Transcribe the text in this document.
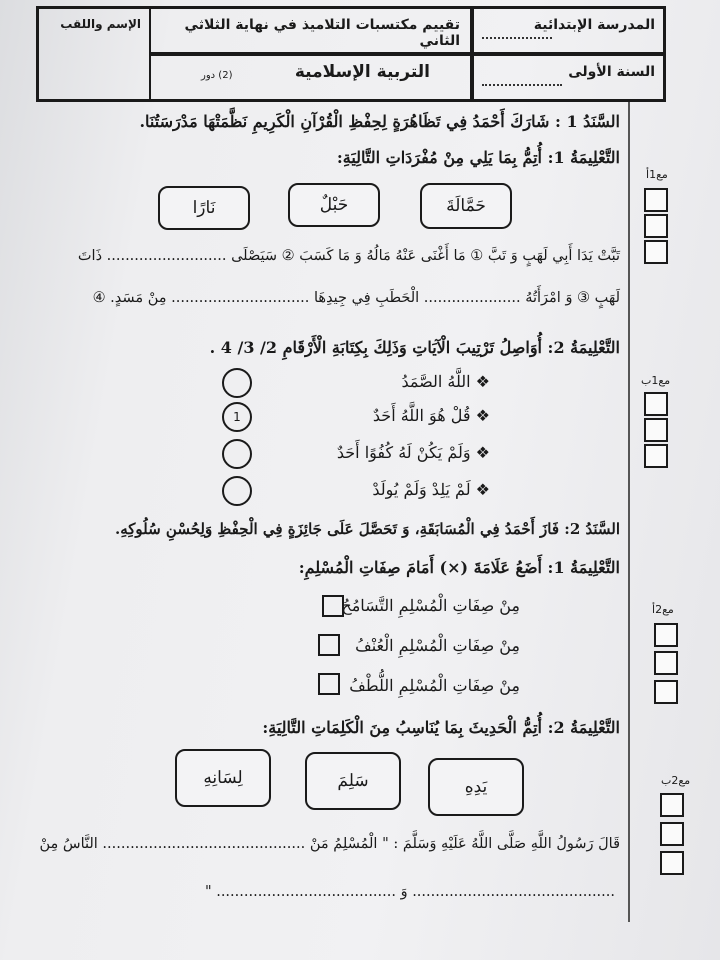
المدرسة الإبتدائية
السنة الأولى
تقييم مكتسبات التلاميذ في نهاية الثلاثي الثاني
التربية الإسلامية
(2) دور
الإسم واللقب
السَّنَدُ 1 : شَارَكَ أَحْمَدُ فِي تَظَاهُرَةٍ لِحِفْظِ الْقُرْآنِ الْكَرِيمِ نَظَّمَتْهَا مَدْرَسَتُنَا.
التَّعْلِيمَةُ 1: أُتِمُّ بِمَا يَلِي مِنْ مُفْرَدَاتِ التَّالِيَةِ:
حَمَّالَةَ
حَبْلٌ
نَارًا
تَبَّتْ يَدَا أَبِي لَهَبٍ وَ تَبَّ ① مَا أَغْنَى عَنْهُ مَالُهُ وَ مَا كَسَبَ ② سَيَصْلَى .......................... ذَاتَ
لَهَبٍ ③ وَ امْرَأَتُهُ ..................... الْحَطَبِ فِي جِيدِهَا .............................. مِنْ مَسَدٍ. ④
التَّعْلِيمَةُ 2: أُوَاصِلُ تَرْتِيبَ الْآيَاتِ وَذَلِكَ بِكِتَابَةِ الْأَرْقَامِ 2/ 3/ 4 .
❖ اللَّهُ الصَّمَدُ
❖ قُلْ هُوَ اللَّهُ أَحَدٌ
1
❖ وَلَمْ يَكُنْ لَهُ كُفُوًا أَحَدٌ
❖ لَمْ يَلِدْ وَلَمْ يُولَدْ
السَّنَدُ 2: فَازَ أَحْمَدُ فِي الْمُسَابَقَةِ، وَ تَحَصَّلَ عَلَى جَائِزَةٍ فِي الْحِفْظِ وَلِحُسْنِ سُلُوكِهِ.
التَّعْلِيمَةُ 1: أَضَعُ عَلَامَةَ (×) أَمَامَ صِفَاتِ الْمُسْلِمِ:
مِنْ صِفَاتِ الْمُسْلِمِ التَّسَامُحُ
مِنْ صِفَاتِ الْمُسْلِمِ الْعُنْفُ
مِنْ صِفَاتِ الْمُسْلِمِ اللُّطْفُ
التَّعْلِيمَةُ 2: أُتِمُّ الْحَدِيثَ بِمَا يُنَاسِبُ مِنَ الْكَلِمَاتِ التَّالِيَةِ:
يَدِهِ
سَلِمَ
لِسَانِهِ
قَالَ رَسُولُ اللَّهِ صَلَّى اللَّهُ عَلَيْهِ وَسَلَّمَ : " الْمُسْلِمُ مَنْ ............................................ النَّاسُ مِنْ
............................................ وَ ....................................... "
مع1أ
مع1ب
مع2أ
مع2ب
